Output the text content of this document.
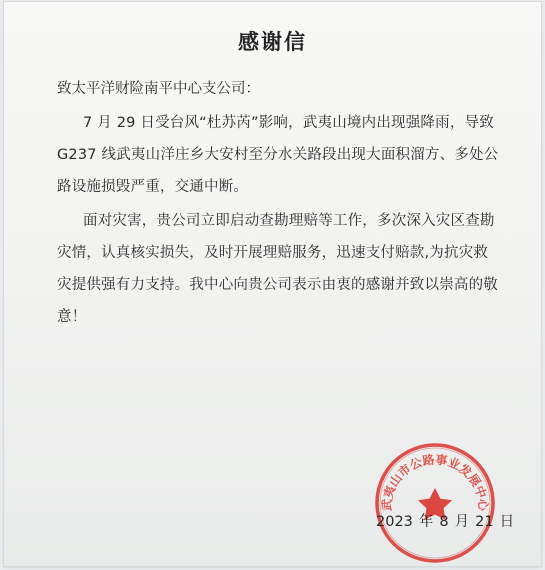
感谢信
致太平洋财险南平中心支公司：
7 月 29 日受台风“杜苏芮”影响，武夷山境内出现强降雨，导致
G237 线武夷山洋庄乡大安村至分水关路段出现大面积溜方、多处公
路设施损毁严重，交通中断。
面对灾害，贵公司立即启动查勘理赔等工作，多次深入灾区查勘
灾情，认真核实损失，及时开展理赔服务，迅速支付赔款,为抗灾救
灾提供强有力支持。我中心向贵公司表示由衷的感谢并致以崇高的敬
意！
武夷山市公路事业发展中心
2023 年 8 月 21 日
